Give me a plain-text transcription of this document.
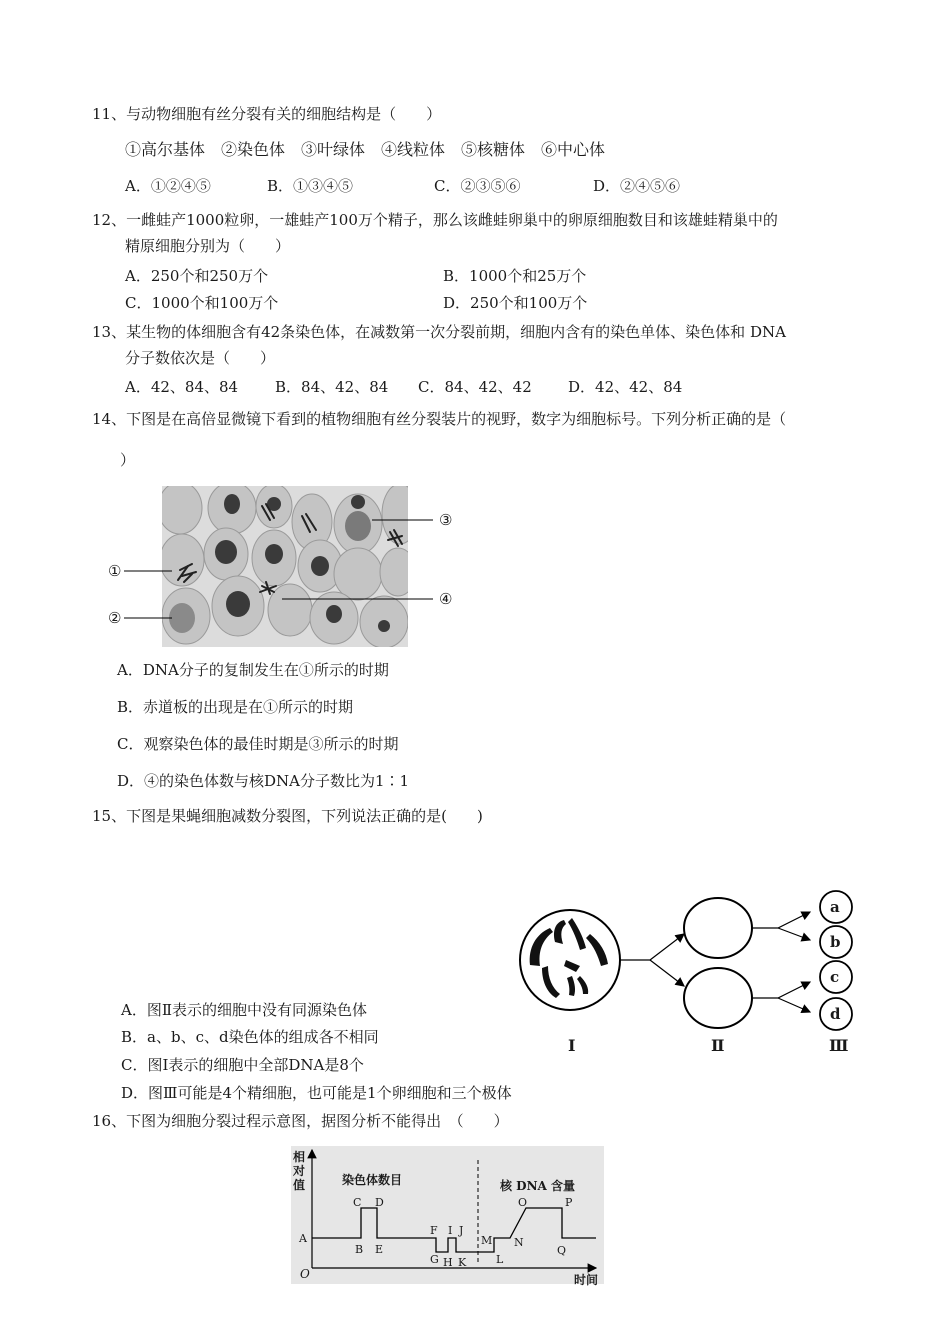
11、与动物细胞有丝分裂有关的细胞结构是（　　）
①高尔基体　②染色体　③叶绿体　④线粒体　⑤核糖体　⑥中心体
A．①②④⑤	B．①③④⑤	C．②③⑤⑥	D．②④⑤⑥
12、一雌蛙产1000粒卵，一雄蛙产100万个精子，那么该雌蛙卵巢中的卵原细胞数目和该雄蛙精巢中的
精原细胞分别为（　　）
A．250个和250万个	B．1000个和25万个
C．1000个和100万个	D．250个和100万个
13、某生物的体细胞含有42条染色体，在减数第一次分裂前期，细胞内含有的染色单体、染色体和 DNA
分子数依次是（　　）
A．42、84、84 B．84、42、84 C．84、42、42 D．42、42、84
14、下图是在高倍显微镜下看到的植物细胞有丝分裂装片的视野，数字为细胞标号。下列分析正确的是（
）
①
②
③
④
A．DNA分子的复制发生在①所示的时期
B．赤道板的出现是在①所示的时期
C．观察染色体的最佳时期是③所示的时期
D．④的染色体数与核DNA分子数比为1∶1
15、下图是果蝇细胞减数分裂图，下列说法正确的是(　　)
a
b
c
d
Ⅰ	Ⅱ	Ⅲ
A．图Ⅱ表示的细胞中没有同源染色体
B．a、b、c、d染色体的组成各不相同
C．图Ⅰ表示的细胞中全部DNA是8个
D．图Ⅲ可能是4个精细胞，也可能是1个卵细胞和三个极体
16、下图为细胞分裂过程示意图，据图分析不能得出　（　　）
相对值	染色体数目	核 DNA 含量
O	时间
A
B
C D
E
F
G H
I J
K	L
M N
O	P
Q
